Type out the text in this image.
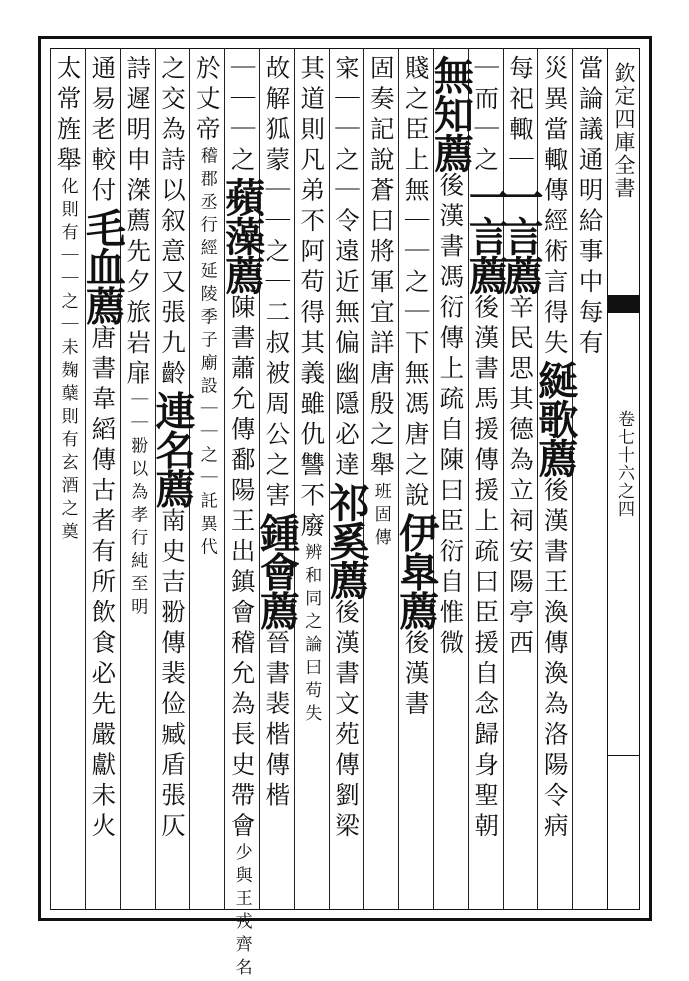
欽定四庫全書
卷七十六之四
當論議通明給事中每有
災異當輙傳經術言得失綖歌薦後漢書王渙傳渙為洛陽令病
每祀輙｜一言薦辛民思其德為立祠安陽亭西
｜而｜之一言薦後漢書馬援傳援上疏曰臣援自念歸身聖朝
無知薦後漢書馮衍傳上疏自陳曰臣衍自惟微
賤之臣上無｜｜之｜下無馮唐之說伊臯薦後漢書
固奏記說蒼曰將軍宜詳唐殷之舉班固傳
寀｜｜之｜令遠近無偏幽隱必達祁奚薦後漢書文苑傳劉梁
其道則凡弟不阿苟得其義雖仇讐不廢辨和同之論曰苟失
故解狐蒙｜｜之｜二叔被周公之害鍾會薦晉書裴楷傳楷
｜｜｜之蘋藻薦陳書蕭允傳鄱陽王出鎮會稽允為長史帶會少與王戎齊名
於丈帝稽郡丞行經延陵季子廟設｜｜之｜託異代
之交為詩以叙意又張九齡連名薦南史吉翂傳裴俭臧盾張仄
詩遲明申滐薦先夕旅岩扉｜｜翂以為孝行純至明
通易老較付毛血薦唐書韋縚傳古者有所飲食必先嚴獻未火
太常旌舉化則有｜｜之｜未麹蘖則有玄酒之奠
